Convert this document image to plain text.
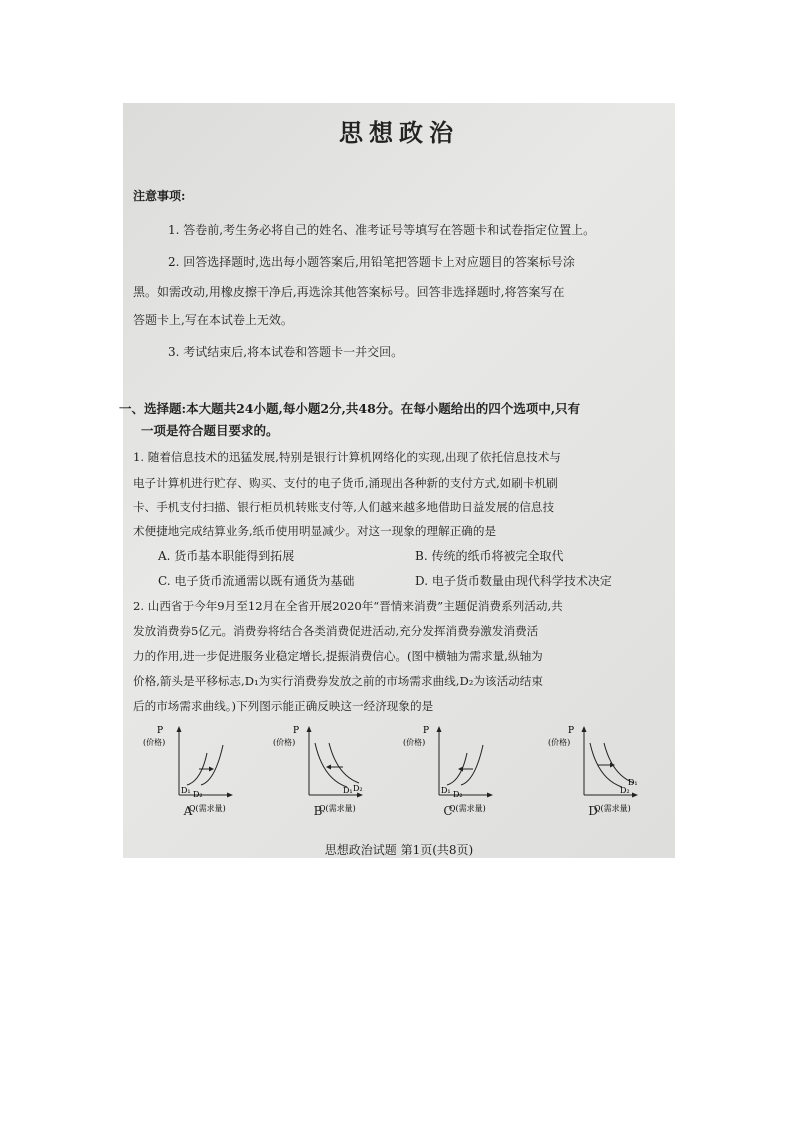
思想政治
注意事项:
1. 答卷前,考生务必将自己的姓名、准考证号等填写在答题卡和试卷指定位置上。
2. 回答选择题时,选出每小题答案后,用铅笔把答题卡上对应题目的答案标号涂
黑。如需改动,用橡皮擦干净后,再选涂其他答案标号。回答非选择题时,将答案写在
答题卡上,写在本试卷上无效。
3. 考试结束后,将本试卷和答题卡一并交回。
一、选择题:本大题共24小题,每小题2分,共48分。在每小题给出的四个选项中,只有
一项是符合题目要求的。
1. 随着信息技术的迅猛发展,特别是银行计算机网络化的实现,出现了依托信息技术与
电子计算机进行贮存、购买、支付的电子货币,涌现出各种新的支付方式,如刷卡机刷
卡、手机支付扫描、银行柜员机转账支付等,人们越来越多地借助日益发展的信息技
术便捷地完成结算业务,纸币使用明显减少。对这一现象的理解正确的是
A. 货币基本职能得到拓展	B. 传统的纸币将被完全取代
C. 电子货币流通需以既有通货为基础	D. 电子货币数量由现代科学技术决定
2. 山西省于今年9月至12月在全省开展2020年“晋情来消费”主题促消费系列活动,共
发放消费券5亿元。消费券将结合各类消费促进活动,充分发挥消费券激发消费活
力的作用,进一步促进服务业稳定增长,提振消费信心。(图中横轴为需求量,纵轴为
价格,箭头是平移标志,D₁为实行消费券发放之前的市场需求曲线,D₂为该活动结束
后的市场需求曲线。)下列图示能正确反映这一经济现象的是
P
(价格)
D₁ D₂
Q(需求量)
A
P
(价格)
D₁ D₂
Q(需求量)
B
P
(价格)
D₁ D₂
Q(需求量)
C
P
(价格)
D₂
D₁
Q(需求量)
D
思想政治试题 第1页(共8页)
